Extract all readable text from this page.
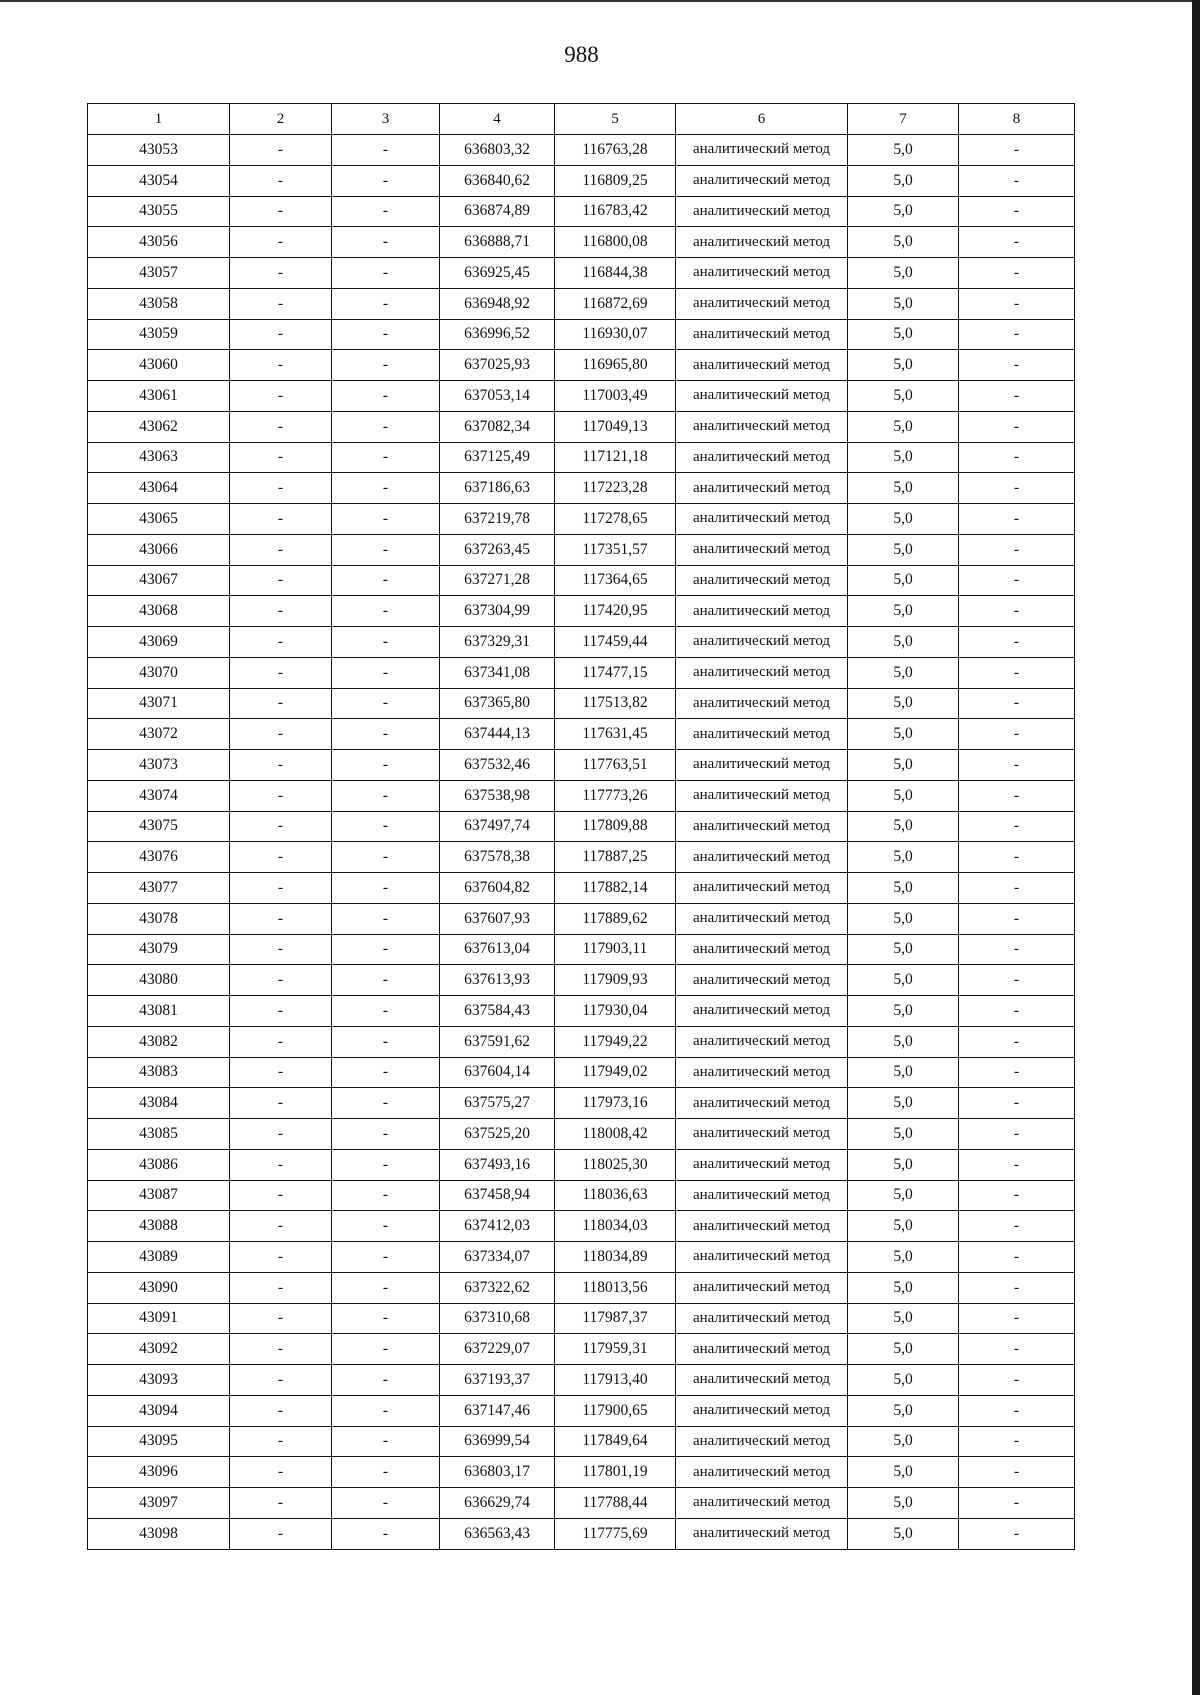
988
1	2	3	4	5	6	7	8
43053	-	-	636803,32	116763,28	аналитический метод	5,0	-
43054	-	-	636840,62	116809,25	аналитический метод	5,0	-
43055	-	-	636874,89	116783,42	аналитический метод	5,0	-
43056	-	-	636888,71	116800,08	аналитический метод	5,0	-
43057	-	-	636925,45	116844,38	аналитический метод	5,0	-
43058	-	-	636948,92	116872,69	аналитический метод	5,0	-
43059	-	-	636996,52	116930,07	аналитический метод	5,0	-
43060	-	-	637025,93	116965,80	аналитический метод	5,0	-
43061	-	-	637053,14	117003,49	аналитический метод	5,0	-
43062	-	-	637082,34	117049,13	аналитический метод	5,0	-
43063	-	-	637125,49	117121,18	аналитический метод	5,0	-
43064	-	-	637186,63	117223,28	аналитический метод	5,0	-
43065	-	-	637219,78	117278,65	аналитический метод	5,0	-
43066	-	-	637263,45	117351,57	аналитический метод	5,0	-
43067	-	-	637271,28	117364,65	аналитический метод	5,0	-
43068	-	-	637304,99	117420,95	аналитический метод	5,0	-
43069	-	-	637329,31	117459,44	аналитический метод	5,0	-
43070	-	-	637341,08	117477,15	аналитический метод	5,0	-
43071	-	-	637365,80	117513,82	аналитический метод	5,0	-
43072	-	-	637444,13	117631,45	аналитический метод	5,0	-
43073	-	-	637532,46	117763,51	аналитический метод	5,0	-
43074	-	-	637538,98	117773,26	аналитический метод	5,0	-
43075	-	-	637497,74	117809,88	аналитический метод	5,0	-
43076	-	-	637578,38	117887,25	аналитический метод	5,0	-
43077	-	-	637604,82	117882,14	аналитический метод	5,0	-
43078	-	-	637607,93	117889,62	аналитический метод	5,0	-
43079	-	-	637613,04	117903,11	аналитический метод	5,0	-
43080	-	-	637613,93	117909,93	аналитический метод	5,0	-
43081	-	-	637584,43	117930,04	аналитический метод	5,0	-
43082	-	-	637591,62	117949,22	аналитический метод	5,0	-
43083	-	-	637604,14	117949,02	аналитический метод	5,0	-
43084	-	-	637575,27	117973,16	аналитический метод	5,0	-
43085	-	-	637525,20	118008,42	аналитический метод	5,0	-
43086	-	-	637493,16	118025,30	аналитический метод	5,0	-
43087	-	-	637458,94	118036,63	аналитический метод	5,0	-
43088	-	-	637412,03	118034,03	аналитический метод	5,0	-
43089	-	-	637334,07	118034,89	аналитический метод	5,0	-
43090	-	-	637322,62	118013,56	аналитический метод	5,0	-
43091	-	-	637310,68	117987,37	аналитический метод	5,0	-
43092	-	-	637229,07	117959,31	аналитический метод	5,0	-
43093	-	-	637193,37	117913,40	аналитический метод	5,0	-
43094	-	-	637147,46	117900,65	аналитический метод	5,0	-
43095	-	-	636999,54	117849,64	аналитический метод	5,0	-
43096	-	-	636803,17	117801,19	аналитический метод	5,0	-
43097	-	-	636629,74	117788,44	аналитический метод	5,0	-
43098	-	-	636563,43	117775,69	аналитический метод	5,0	-
